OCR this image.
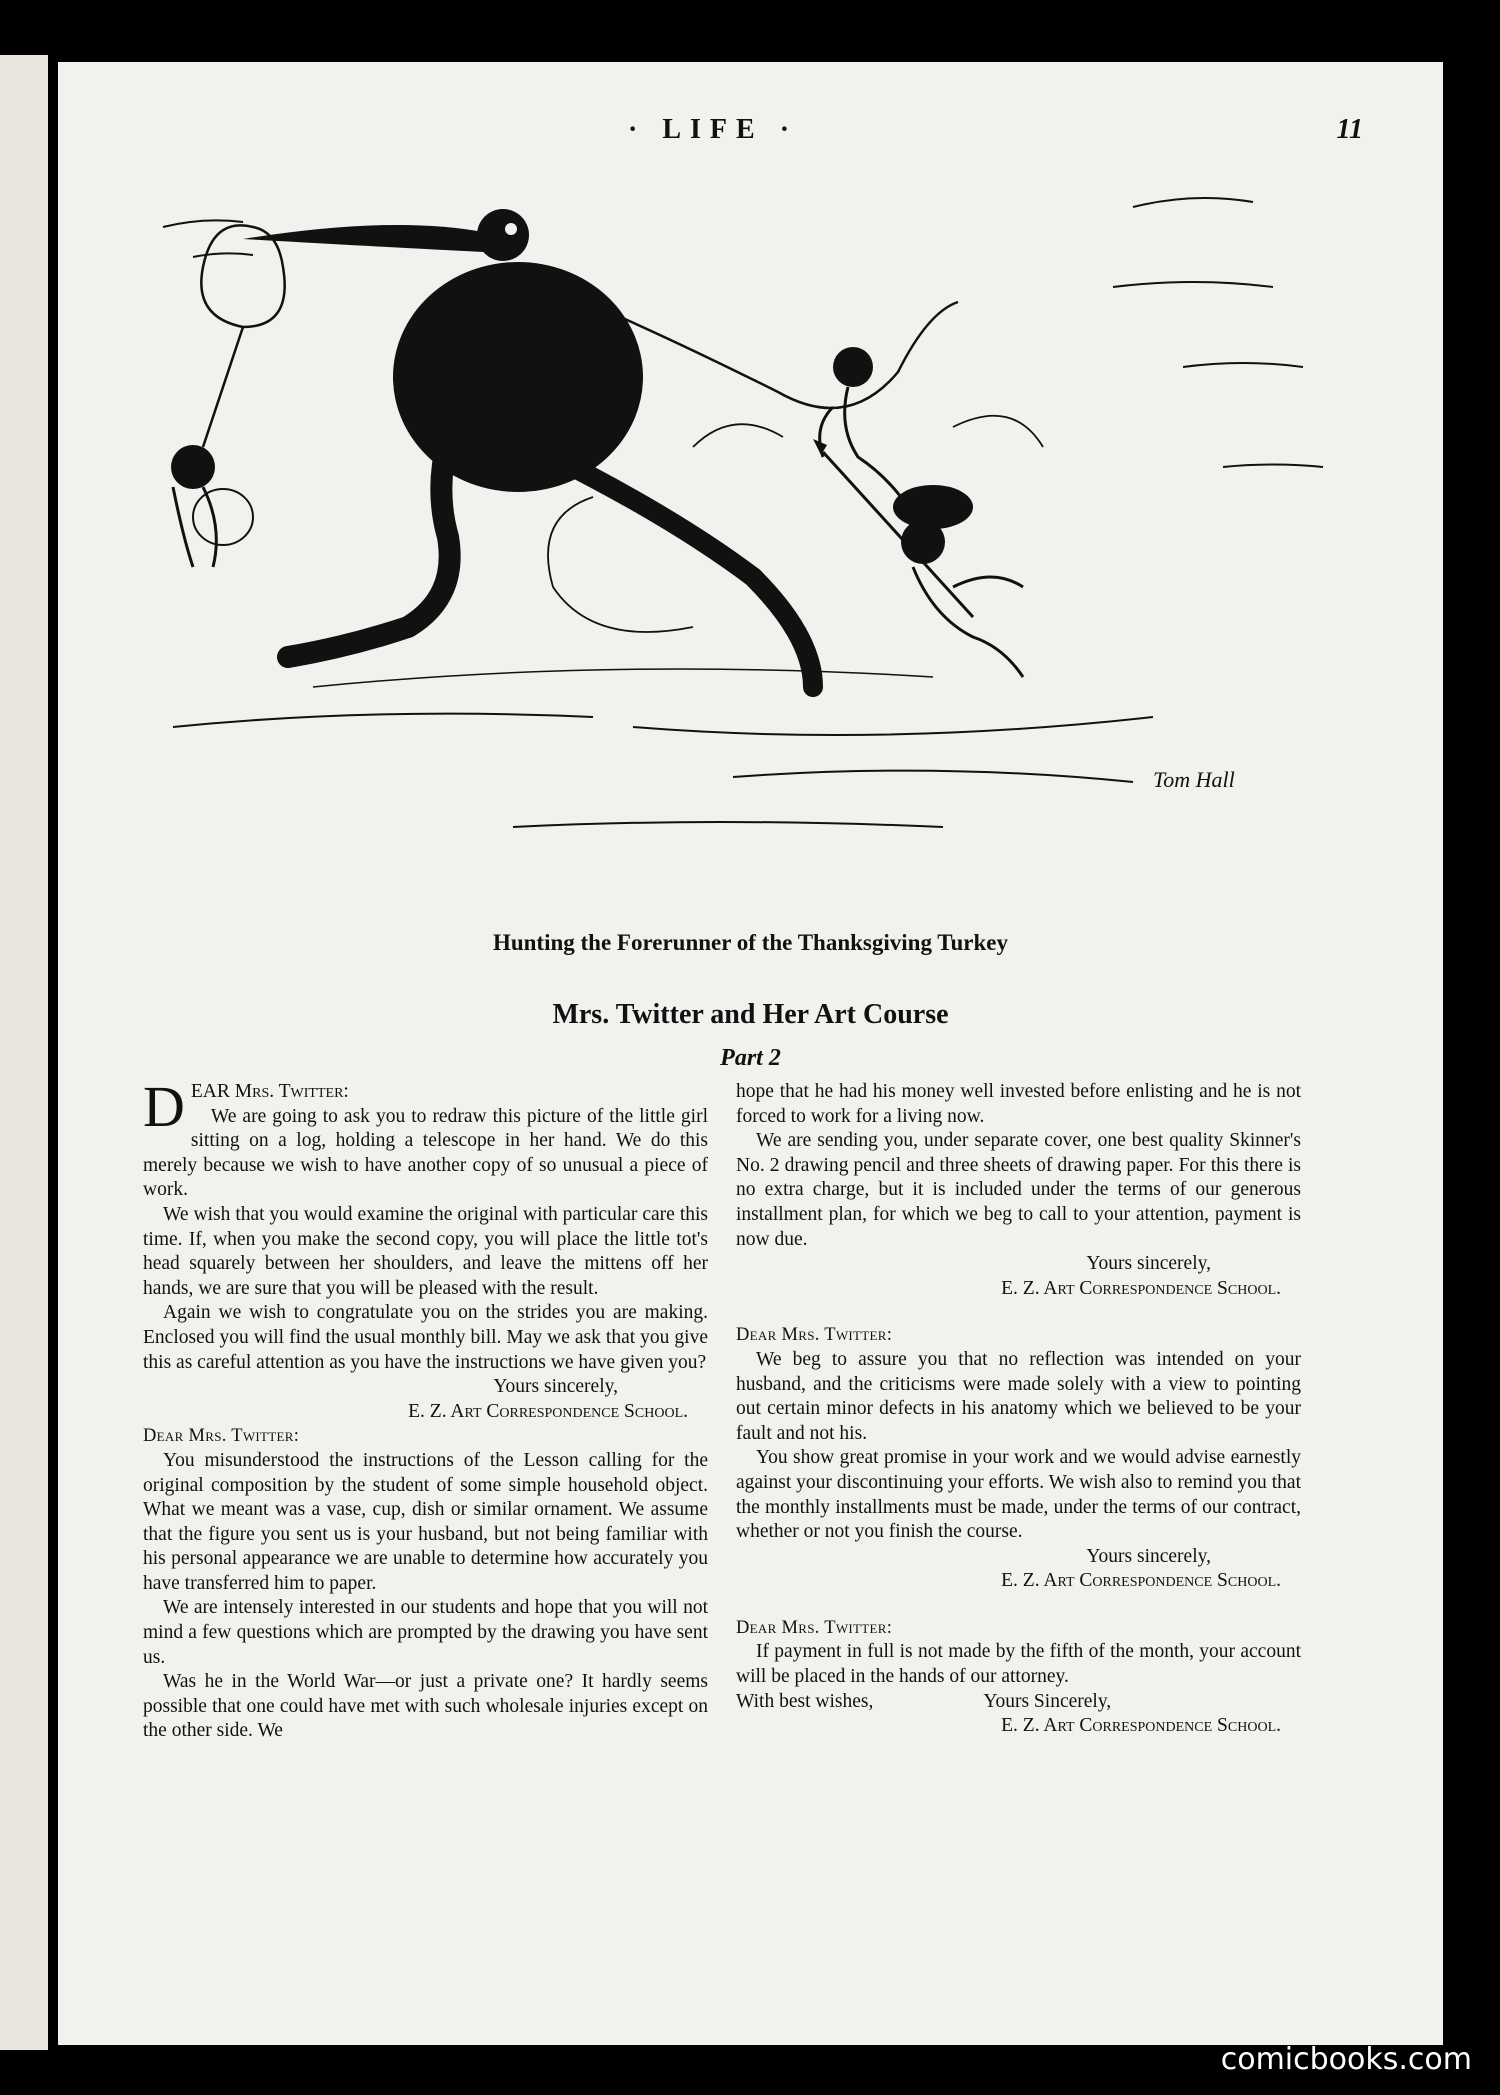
· LIFE ·	11
Tom Hall
Hunting the Forerunner of the Thanksgiving Turkey
Mrs. Twitter and Her Art Course
Part 2

DEAR Mrs. Twitter:

We are going to ask you to redraw this picture of the little girl sitting on a log, holding a telescope in her hand. We do this merely because we wish to have another copy of so unusual a piece of work.

We wish that you would examine the original with particular care this time. If, when you make the second copy, you will place the little tot's head squarely between her shoulders, and leave the mittens off her hands, we are sure that you will be pleased with the result.

Again we wish to congratulate you on the strides you are making. Enclosed you will find the usual monthly bill. May we ask that you give this as careful attention as you have the instructions we have given you?

Yours sincerely,

E. Z. Art Correspondence School.

Dear Mrs. Twitter:

You misunderstood the instructions of the Lesson calling for the original composition by the student of some simple household object. What we meant was a vase, cup, dish or similar ornament. We assume that the figure you sent us is your husband, but not being familiar with his personal appearance we are unable to determine how accurately you have transferred him to paper.

We are intensely interested in our students and hope that you will not mind a few questions which are prompted by the drawing you have sent us.

Was he in the World War—or just a private one? It hardly seems possible that one could have met with such wholesale injuries except on the other side. We

hope that he had his money well invested before enlisting and he is not forced to work for a living now.

We are sending you, under separate cover, one best quality Skinner's No. 2 drawing pencil and three sheets of drawing paper. For this there is no extra charge, but it is included under the terms of our generous installment plan, for which we beg to call to your attention, payment is now due.

Yours sincerely,

E. Z. Art Correspondence School.

Dear Mrs. Twitter:

We beg to assure you that no reflection was intended on your husband, and the criticisms were made solely with a view to pointing out certain minor defects in his anatomy which we believed to be your fault and not his.

You show great promise in your work and we would advise earnestly against your discontinuing your efforts. We wish also to remind you that the monthly installments must be made, under the terms of our contract, whether or not you finish the course.

Yours sincerely,

E. Z. Art Correspondence School.

Dear Mrs. Twitter:

If payment in full is not made by the fifth of the month, your account will be placed in the hands of our attorney.

With best wishes,	Yours Sincerely,

E. Z. Art Correspondence School.

comicbooks.com
